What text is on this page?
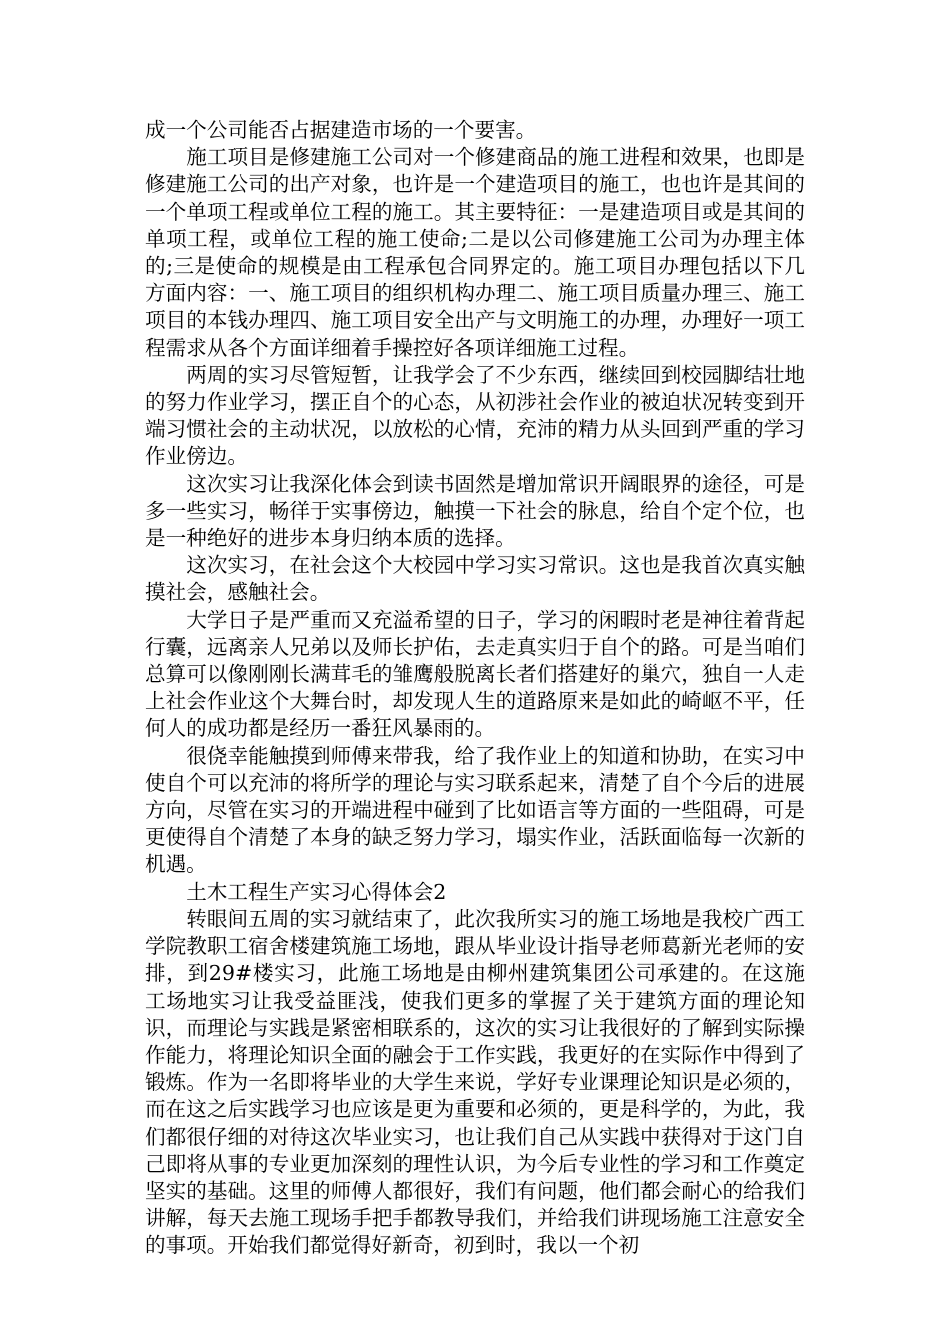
成一个公司能否占据建造市场的一个要害。

施工项目是修建施工公司对一个修建商品的施工进程和效果，也即是修建施工公司的出产对象，也许是一个建造项目的施工，也也许是其间的一个单项工程或单位工程的施工。其主要特征：一是建造项目或是其间的单项工程，或单位工程的施工使命;二是以公司修建施工公司为办理主体的;三是使命的规模是由工程承包合同界定的。施工项目办理包括以下几方面内容：一、施工项目的组织机构办理二、施工项目质量办理三、施工项目的本钱办理四、施工项目安全出产与文明施工的办理，办理好一项工程需求从各个方面详细着手操控好各项详细施工过程。

两周的实习尽管短暂，让我学会了不少东西，继续回到校园脚结壮地的努力作业学习，摆正自个的心态，从初涉社会作业的被迫状况转变到开端习惯社会的主动状况，以放松的心情，充沛的精力从头回到严重的学习作业傍边。

这次实习让我深化体会到读书固然是增加常识开阔眼界的途径，可是多一些实习，畅徉于实事傍边，触摸一下社会的脉息，给自个定个位，也是一种绝好的进步本身归纳本质的选择。

这次实习，在社会这个大校园中学习实习常识。这也是我首次真实触摸社会，感触社会。

大学日子是严重而又充溢希望的日子，学习的闲暇时老是神往着背起行囊，远离亲人兄弟以及师长护佑，去走真实归于自个的路。可是当咱们总算可以像刚刚长满茸毛的雏鹰般脱离长者们搭建好的巢穴，独自一人走上社会作业这个大舞台时，却发现人生的道路原来是如此的崎岖不平，任何人的成功都是经历一番狂风暴雨的。

很侥幸能触摸到师傅来带我，给了我作业上的知道和协助，在实习中使自个可以充沛的将所学的理论与实习联系起来，清楚了自个今后的进展方向，尽管在实习的开端进程中碰到了比如语言等方面的一些阻碍，可是更使得自个清楚了本身的缺乏努力学习，塌实作业，活跃面临每一次新的机遇。

土木工程生产实习心得体会2

转眼间五周的实习就结束了，此次我所实习的施工场地是我校广西工学院教职工宿舍楼建筑施工场地，跟从毕业设计指导老师葛新光老师的安排，到29#楼实习，此施工场地是由柳州建筑集团公司承建的。在这施工场地实习让我受益匪浅，使我们更多的掌握了关于建筑方面的理论知识，而理论与实践是紧密相联系的，这次的实习让我很好的了解到实际操作能力，将理论知识全面的融会于工作实践，我更好的在实际作中得到了锻炼。作为一名即将毕业的大学生来说，学好专业课理论知识是必须的，而在这之后实践学习也应该是更为重要和必须的，更是科学的，为此，我们都很仔细的对待这次毕业实习，也让我们自己从实践中获得对于这门自己即将从事的专业更加深刻的理性认识，为今后专业性的学习和工作奠定坚实的基础。这里的师傅人都很好，我们有问题，他们都会耐心的给我们讲解，每天去施工现场手把手都教导我们，并给我们讲现场施工注意安全的事项。开始我们都觉得好新奇，初到时，我以一个初
